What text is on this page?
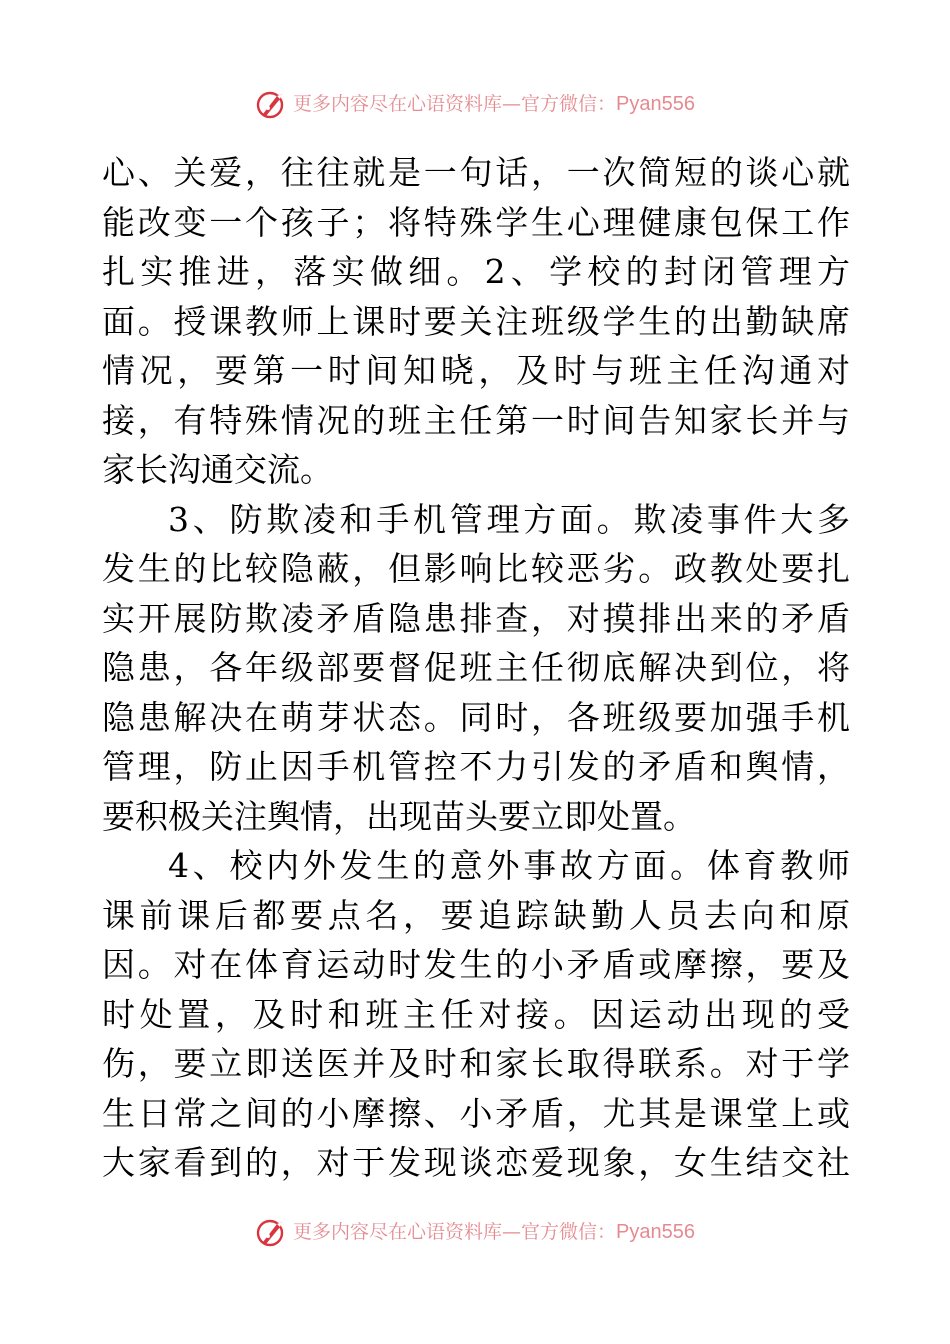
更多内容尽在心语资料库—官方微信：Pyan556
心、关爱，往往就是一句话，一次简短的谈心就
能改变一个孩子；将特殊学生心理健康包保工作
扎实推进，落实做细。2、学校的封闭管理方
面。授课教师上课时要关注班级学生的出勤缺席
情况，要第一时间知晓，及时与班主任沟通对
接，有特殊情况的班主任第一时间告知家长并与
家长沟通交流。
3、防欺凌和手机管理方面。欺凌事件大多
发生的比较隐蔽，但影响比较恶劣。政教处要扎
实开展防欺凌矛盾隐患排查，对摸排出来的矛盾
隐患，各年级部要督促班主任彻底解决到位，将
隐患解决在萌芽状态。同时，各班级要加强手机
管理，防止因手机管控不力引发的矛盾和舆情，
要积极关注舆情，出现苗头要立即处置。
4、校内外发生的意外事故方面。体育教师
课前课后都要点名，要追踪缺勤人员去向和原
因。对在体育运动时发生的小矛盾或摩擦，要及
时处置，及时和班主任对接。因运动出现的受
伤，要立即送医并及时和家长取得联系。对于学
生日常之间的小摩擦、小矛盾，尤其是课堂上或
大家看到的，对于发现谈恋爱现象，女生结交社
更多内容尽在心语资料库—官方微信：Pyan556
